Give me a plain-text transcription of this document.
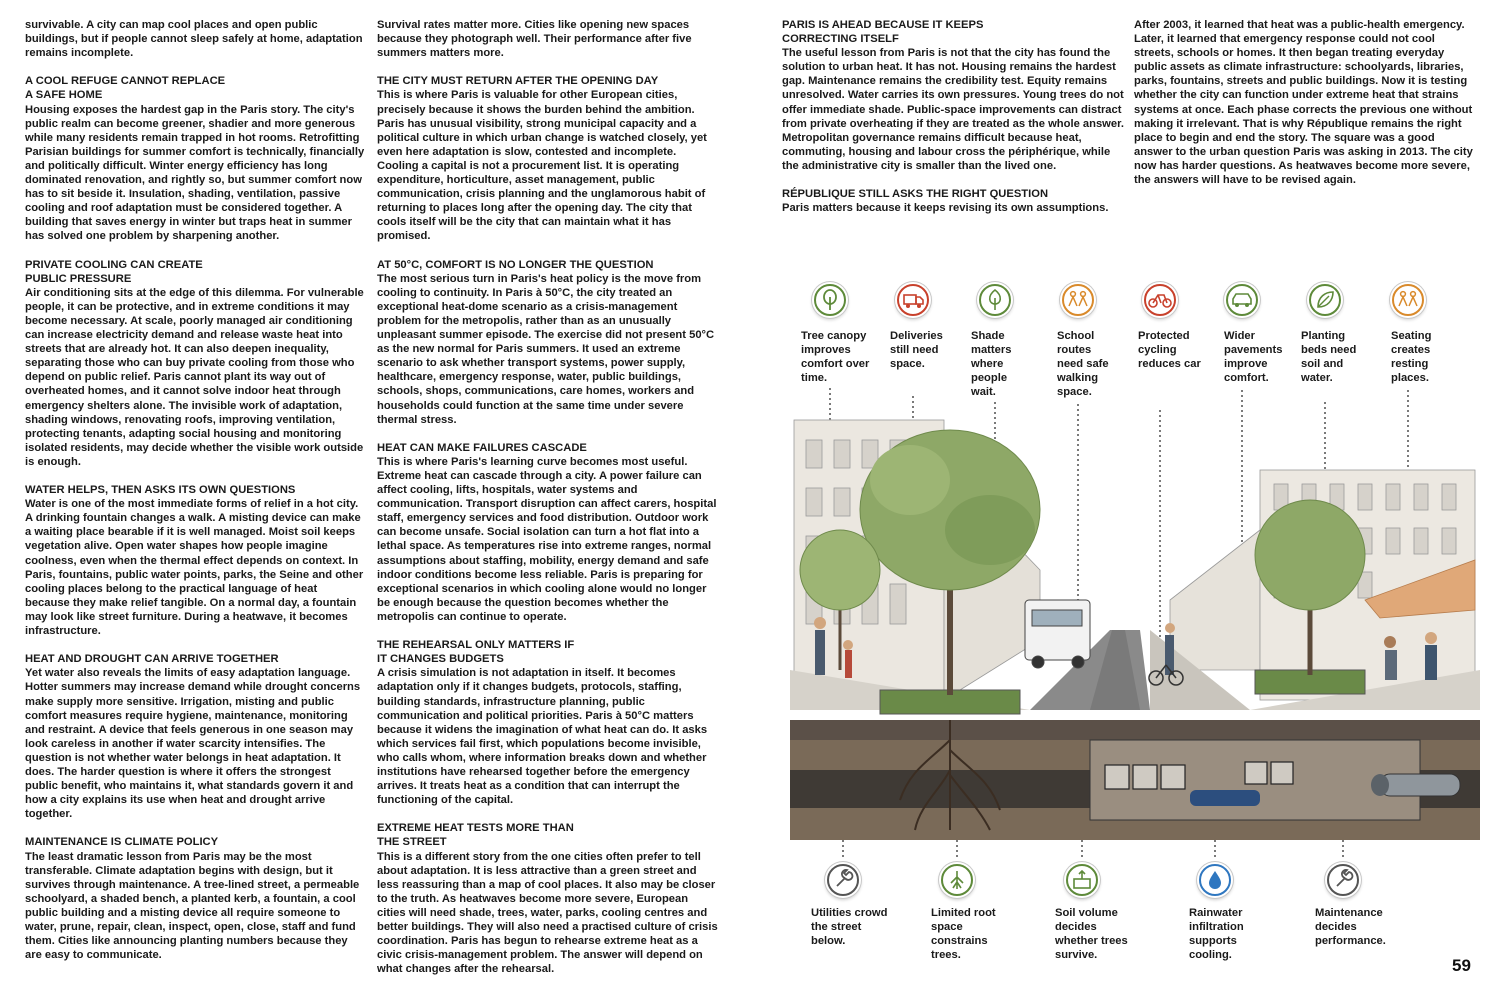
survivable. A city can map cool places and open public buildings, but if people cannot sleep safely at home, adaptation remains incomplete.
A COOL REFUGE CANNOT REPLACE
A SAFE HOME
Housing exposes the hardest gap in the Paris story. The city's public realm can become greener, shadier and more generous while many residents remain trapped in hot rooms. Retrofitting Parisian buildings for summer comfort is technically, financially and politically difficult. Winter energy efficiency has long dominated renovation, and rightly so, but summer comfort now has to sit beside it. Insulation, shading, ventilation, passive cooling and roof adaptation must be considered together. A building that saves energy in winter but traps heat in summer has solved one problem by sharpening another.
PRIVATE COOLING CAN CREATE
PUBLIC PRESSURE
Air conditioning sits at the edge of this dilemma. For vulnerable people, it can be protective, and in extreme conditions it may become necessary. At scale, poorly managed air conditioning can increase electricity demand and release waste heat into streets that are already hot. It can also deepen inequality, separating those who can buy private cooling from those who depend on public relief. Paris cannot plant its way out of overheated homes, and it cannot solve indoor heat through emergency shelters alone. The invisible work of adaptation, shading windows, renovating roofs, improving ventilation, protecting tenants, adapting social housing and monitoring isolated residents, may decide whether the visible work outside is enough.
WATER HELPS, THEN ASKS ITS OWN QUESTIONS
Water is one of the most immediate forms of relief in a hot city. A drinking fountain changes a walk. A misting device can make a waiting place bearable if it is well managed. Moist soil keeps vegetation alive. Open water shapes how people imagine coolness, even when the thermal effect depends on context. In Paris, fountains, public water points, parks, the Seine and other cooling places belong to the practical language of heat because they make relief tangible. On a normal day, a fountain may look like street furniture. During a heatwave, it becomes infrastructure.
HEAT AND DROUGHT CAN ARRIVE TOGETHER
Yet water also reveals the limits of easy adaptation language. Hotter summers may increase demand while drought concerns make supply more sensitive. Irrigation, misting and public comfort measures require hygiene, maintenance, monitoring and restraint. A device that feels generous in one season may look careless in another if water scarcity intensifies. The question is not whether water belongs in heat adaptation. It does. The harder question is where it offers the strongest public benefit, who maintains it, what standards govern it and how a city explains its use when heat and drought arrive together.
MAINTENANCE IS CLIMATE POLICY
The least dramatic lesson from Paris may be the most transferable. Climate adaptation begins with design, but it survives through maintenance. A tree-lined street, a permeable schoolyard, a shaded bench, a planted kerb, a fountain, a cool public building and a misting device all require someone to water, prune, repair, clean, inspect, open, close, staff and fund them. Cities like announcing planting numbers because they are easy to communicate.
Survival rates matter more. Cities like opening new spaces because they photograph well. Their performance after five summers matters more.
THE CITY MUST RETURN AFTER THE OPENING DAY
This is where Paris is valuable for other European cities, precisely because it shows the burden behind the ambition. Paris has unusual visibility, strong municipal capacity and a political culture in which urban change is watched closely, yet even here adaptation is slow, contested and incomplete. Cooling a capital is not a procurement list. It is operating expenditure, horticulture, asset management, public communication, crisis planning and the unglamorous habit of returning to places long after the opening day. The city that cools itself will be the city that can maintain what it has promised.
AT 50°C, COMFORT IS NO LONGER THE QUESTION
The most serious turn in Paris's heat policy is the move from cooling to continuity. In Paris à 50°C, the city treated an exceptional heat-dome scenario as a crisis-management problem for the metropolis, rather than as an unusually unpleasant summer episode. The exercise did not present 50°C as the new normal for Paris summers. It used an extreme scenario to ask whether transport systems, power supply, healthcare, emergency response, water, public buildings, schools, shops, communications, care homes, workers and households could function at the same time under severe thermal stress.
HEAT CAN MAKE FAILURES CASCADE
This is where Paris's learning curve becomes most useful. Extreme heat can cascade through a city. A power failure can affect cooling, lifts, hospitals, water systems and communication. Transport disruption can affect carers, hospital staff, emergency services and food distribution. Outdoor work can become unsafe. Social isolation can turn a hot flat into a lethal space. As temperatures rise into extreme ranges, normal assumptions about staffing, mobility, energy demand and safe indoor conditions become less reliable. Paris is preparing for exceptional scenarios in which cooling alone would no longer be enough because the question becomes whether the metropolis can continue to operate.
THE REHEARSAL ONLY MATTERS IF
IT CHANGES BUDGETS
A crisis simulation is not adaptation in itself. It becomes adaptation only if it changes budgets, protocols, staffing, building standards, infrastructure planning, public communication and political priorities. Paris à 50°C matters because it widens the imagination of what heat can do. It asks which services fail first, which populations become invisible, who calls whom, where information breaks down and whether institutions have rehearsed together before the emergency arrives. It treats heat as a condition that can interrupt the functioning of the capital.
EXTREME HEAT TESTS MORE THAN
THE STREET
This is a different story from the one cities often prefer to tell about adaptation. It is less attractive than a green street and less reassuring than a map of cool places. It also may be closer to the truth. As heatwaves become more severe, European cities will need shade, trees, water, parks, cooling centres and better buildings. They will also need a practised culture of crisis coordination. Paris has begun to rehearse extreme heat as a civic crisis-management problem. The answer will depend on what changes after the rehearsal.
PARIS IS AHEAD BECAUSE IT KEEPS
CORRECTING ITSELF
The useful lesson from Paris is not that the city has found the solution to urban heat. It has not. Housing remains the hardest gap. Maintenance remains the credibility test. Equity remains unresolved. Water carries its own pressures. Young trees do not offer immediate shade. Public-space improvements can distract from private overheating if they are treated as the whole answer. Metropolitan governance remains difficult because heat, commuting, housing and labour cross the périphérique, while the administrative city is smaller than the lived one.
RÉPUBLIQUE STILL ASKS THE RIGHT QUESTION
Paris matters because it keeps revising its own assumptions.
After 2003, it learned that heat was a public-health emergency. Later, it learned that emergency response could not cool streets, schools or homes. It then began treating everyday public assets as climate infrastructure: schoolyards, libraries, parks, fountains, streets and public buildings. Now it is testing whether the city can function under extreme heat that strains systems at once. Each phase corrects the previous one without making it irrelevant. That is why République remains the right place to begin and end the story. The square was a good answer to the urban question Paris was asking in 2013. The city now has harder questions. As heatwaves become more severe, the answers will have to be revised again.
Tree canopy improves comfort over time.
Deliveries still need space.
Shade matters where people wait.
School routes need safe walking space.
Protected cycling reduces car
Wider pavements improve comfort.
Planting beds need soil and water.
Seating creates resting places.
Utilities crowd the street below.
Limited root space constrains trees.
Soil volume decides whether trees survive.
Rainwater infiltration supports cooling.
Maintenance decides performance.
59
